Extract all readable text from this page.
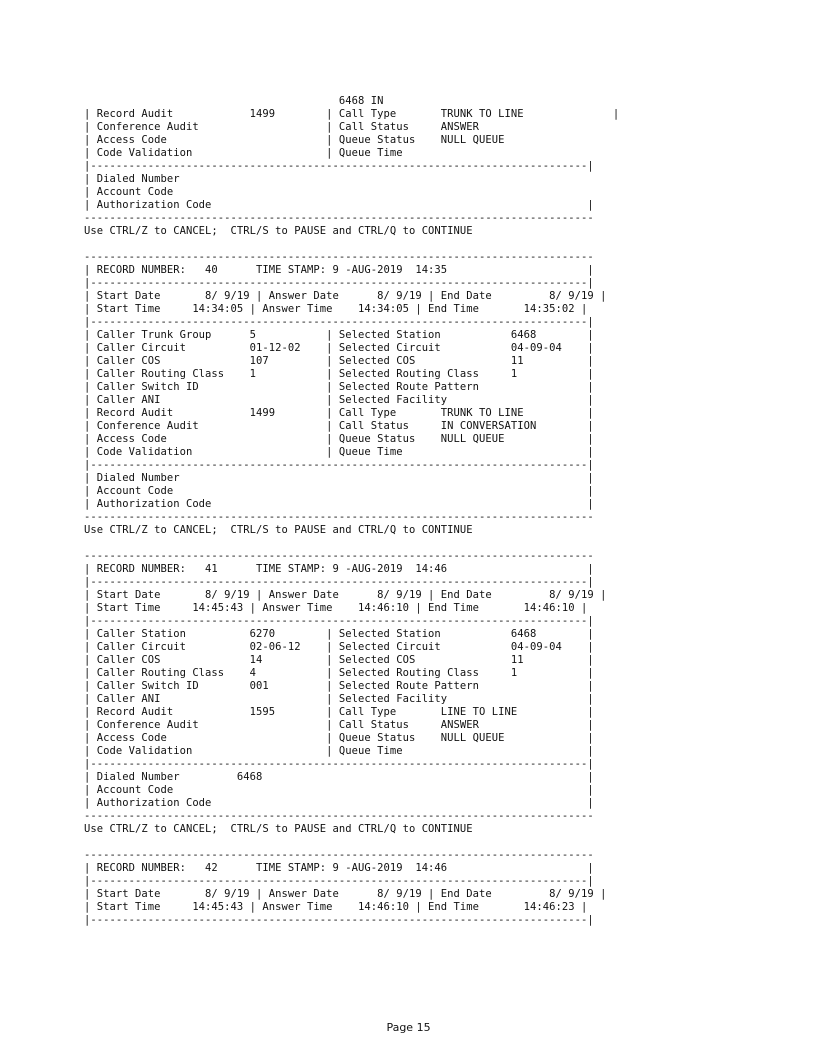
6468 IN
| Record Audit            1499        | Call Type       TRUNK TO LINE              |
| Conference Audit                    | Call Status     ANSWER
| Access Code                         | Queue Status    NULL QUEUE
| Code Validation                     | Queue Time
|------------------------------------------------------------------------------|
| Dialed Number
| Account Code
| Authorization Code                                                           |
--------------------------------------------------------------------------------
Use CTRL/Z to CANCEL;  CTRL/S to PAUSE and CTRL/Q to CONTINUE
--------------------------------------------------------------------------------
| RECORD NUMBER:   40      TIME STAMP: 9 -AUG-2019  14:35                      |
|------------------------------------------------------------------------------|
| Start Date       8/ 9/19 | Answer Date      8/ 9/19 | End Date         8/ 9/19 |
| Start Time     14:34:05 | Answer Time    14:34:05 | End Time       14:35:02 |
|------------------------------------------------------------------------------|
| Caller Trunk Group      5           | Selected Station           6468        |
| Caller Circuit          01-12-02    | Selected Circuit           04-09-04    |
| Caller COS              107         | Selected COS               11          |
| Caller Routing Class    1           | Selected Routing Class     1           |
| Caller Switch ID                    | Selected Route Pattern                 |
| Caller ANI                          | Selected Facility                      |
| Record Audit            1499        | Call Type       TRUNK TO LINE          |
| Conference Audit                    | Call Status     IN CONVERSATION        |
| Access Code                         | Queue Status    NULL QUEUE             |
| Code Validation                     | Queue Time                             |
|------------------------------------------------------------------------------|
| Dialed Number                                                                |
| Account Code                                                                 |
| Authorization Code                                                           |
--------------------------------------------------------------------------------
Use CTRL/Z to CANCEL;  CTRL/S to PAUSE and CTRL/Q to CONTINUE
--------------------------------------------------------------------------------
| RECORD NUMBER:   41      TIME STAMP: 9 -AUG-2019  14:46                      |
|------------------------------------------------------------------------------|
| Start Date       8/ 9/19 | Answer Date      8/ 9/19 | End Date         8/ 9/19 |
| Start Time     14:45:43 | Answer Time    14:46:10 | End Time       14:46:10 |
|------------------------------------------------------------------------------|
| Caller Station          6270        | Selected Station           6468        |
| Caller Circuit          02-06-12    | Selected Circuit           04-09-04    |
| Caller COS              14          | Selected COS               11          |
| Caller Routing Class    4           | Selected Routing Class     1           |
| Caller Switch ID        001         | Selected Route Pattern                 |
| Caller ANI                          | Selected Facility                      |
| Record Audit            1595        | Call Type       LINE TO LINE           |
| Conference Audit                    | Call Status     ANSWER                 |
| Access Code                         | Queue Status    NULL QUEUE             |
| Code Validation                     | Queue Time                             |
|------------------------------------------------------------------------------|
| Dialed Number         6468                                                   |
| Account Code                                                                 |
| Authorization Code                                                           |
--------------------------------------------------------------------------------
Use CTRL/Z to CANCEL;  CTRL/S to PAUSE and CTRL/Q to CONTINUE
--------------------------------------------------------------------------------
| RECORD NUMBER:   42      TIME STAMP: 9 -AUG-2019  14:46                      |
|------------------------------------------------------------------------------|
| Start Date       8/ 9/19 | Answer Date      8/ 9/19 | End Date         8/ 9/19 |
| Start Time     14:45:43 | Answer Time    14:46:10 | End Time       14:46:23 |
|------------------------------------------------------------------------------|
Page 15
